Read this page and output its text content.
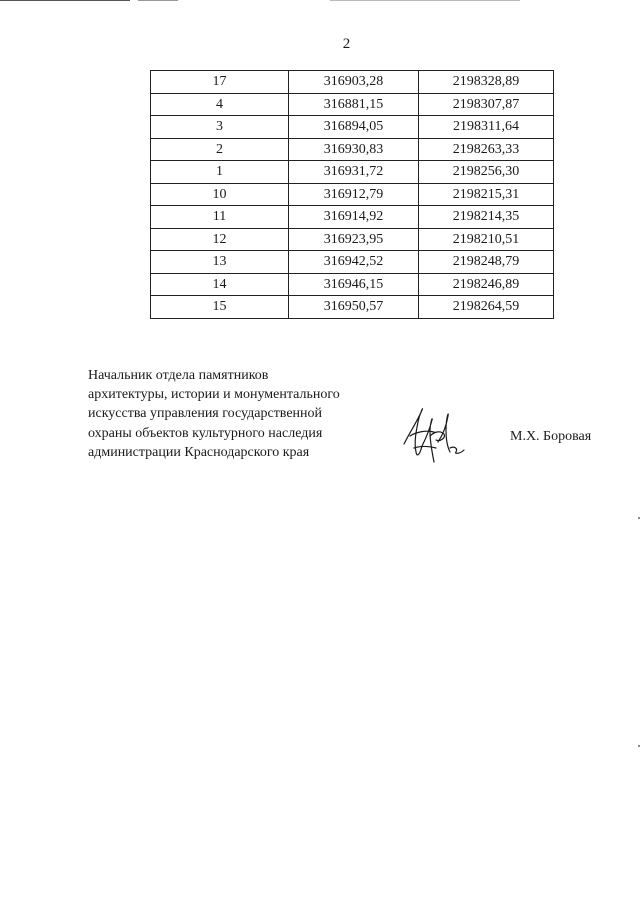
2
17	316903,28	2198328,89
4	316881,15	2198307,87
3	316894,05	2198311,64
2	316930,83	2198263,33
1	316931,72	2198256,30
10	316912,79	2198215,31
11	316914,92	2198214,35
12	316923,95	2198210,51
13	316942,52	2198248,79
14	316946,15	2198246,89
15	316950,57	2198264,59
Начальник отдела памятников
архитектуры, истории и монументального
искусства управления государственной
охраны объектов культурного наследия
администрации Краснодарского края
М.Х. Боровая
